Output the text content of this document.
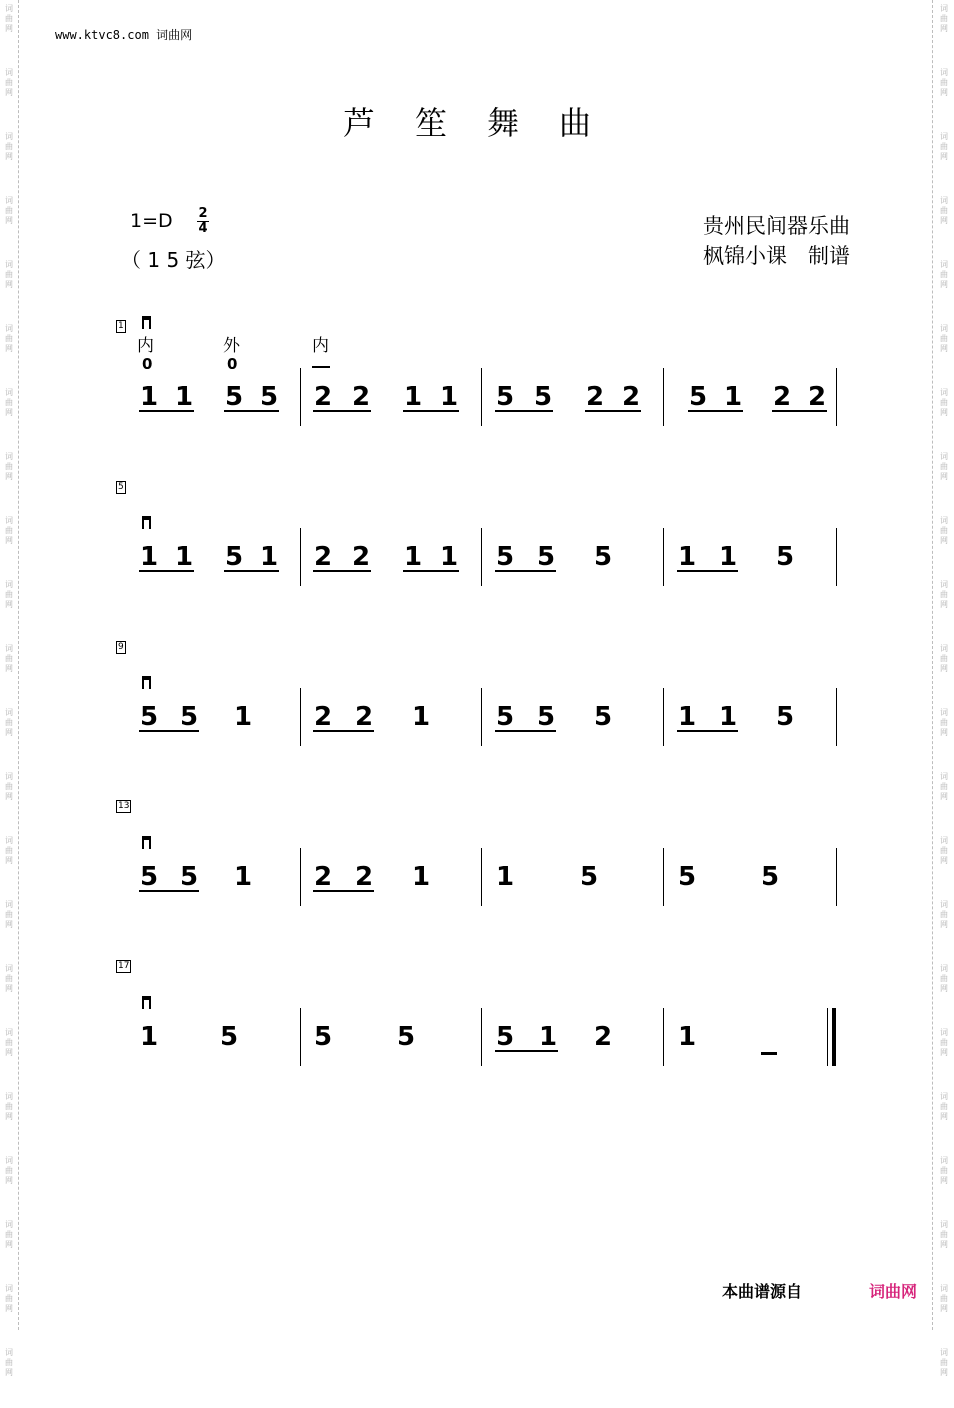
词
曲
网
词
曲
网
词
曲
网
词
曲
网
词
曲
网
词
曲
网
词
曲
网
词
曲
网
词
曲
网
词
曲
网
词
曲
网
词
曲
网
词
曲
网
词
曲
网
词
曲
网
词
曲
网
词
曲
网
词
曲
网
词
曲
网
词
曲
网
词
曲
网
词
曲
网
词
曲
网
词
曲
网
词
曲
网
词
曲
网
词
曲
网
词
曲
网
词
曲
网
词
曲
网
词
曲
网
词
曲
网
词
曲
网
词
曲
网
词
曲
网
词
曲
网
词
曲
网
词
曲
网
词
曲
网
词
曲
网
词
曲
网
词
曲
网
词
曲
网
词
曲
网
www.ktvc8.com 词曲网
芦笙舞曲
1=D 2
4
（ 1 5 弦）
贵州民间器乐曲
枫锦小课　制谱
内	外	内
0	0
1
1 1 5 5 2 2 1 1 5 5 2 2 5 1 2 2
5
1 1 5 1 2 2 1 1 5 5 5	1 1 5
9
5 5 1 2 2 1	5 5 5	1 1 5
13
5 5 1 2 2 1	1	5	5 5
17
1 5	5 5	5 1 2	1
本曲谱源自	词曲网
